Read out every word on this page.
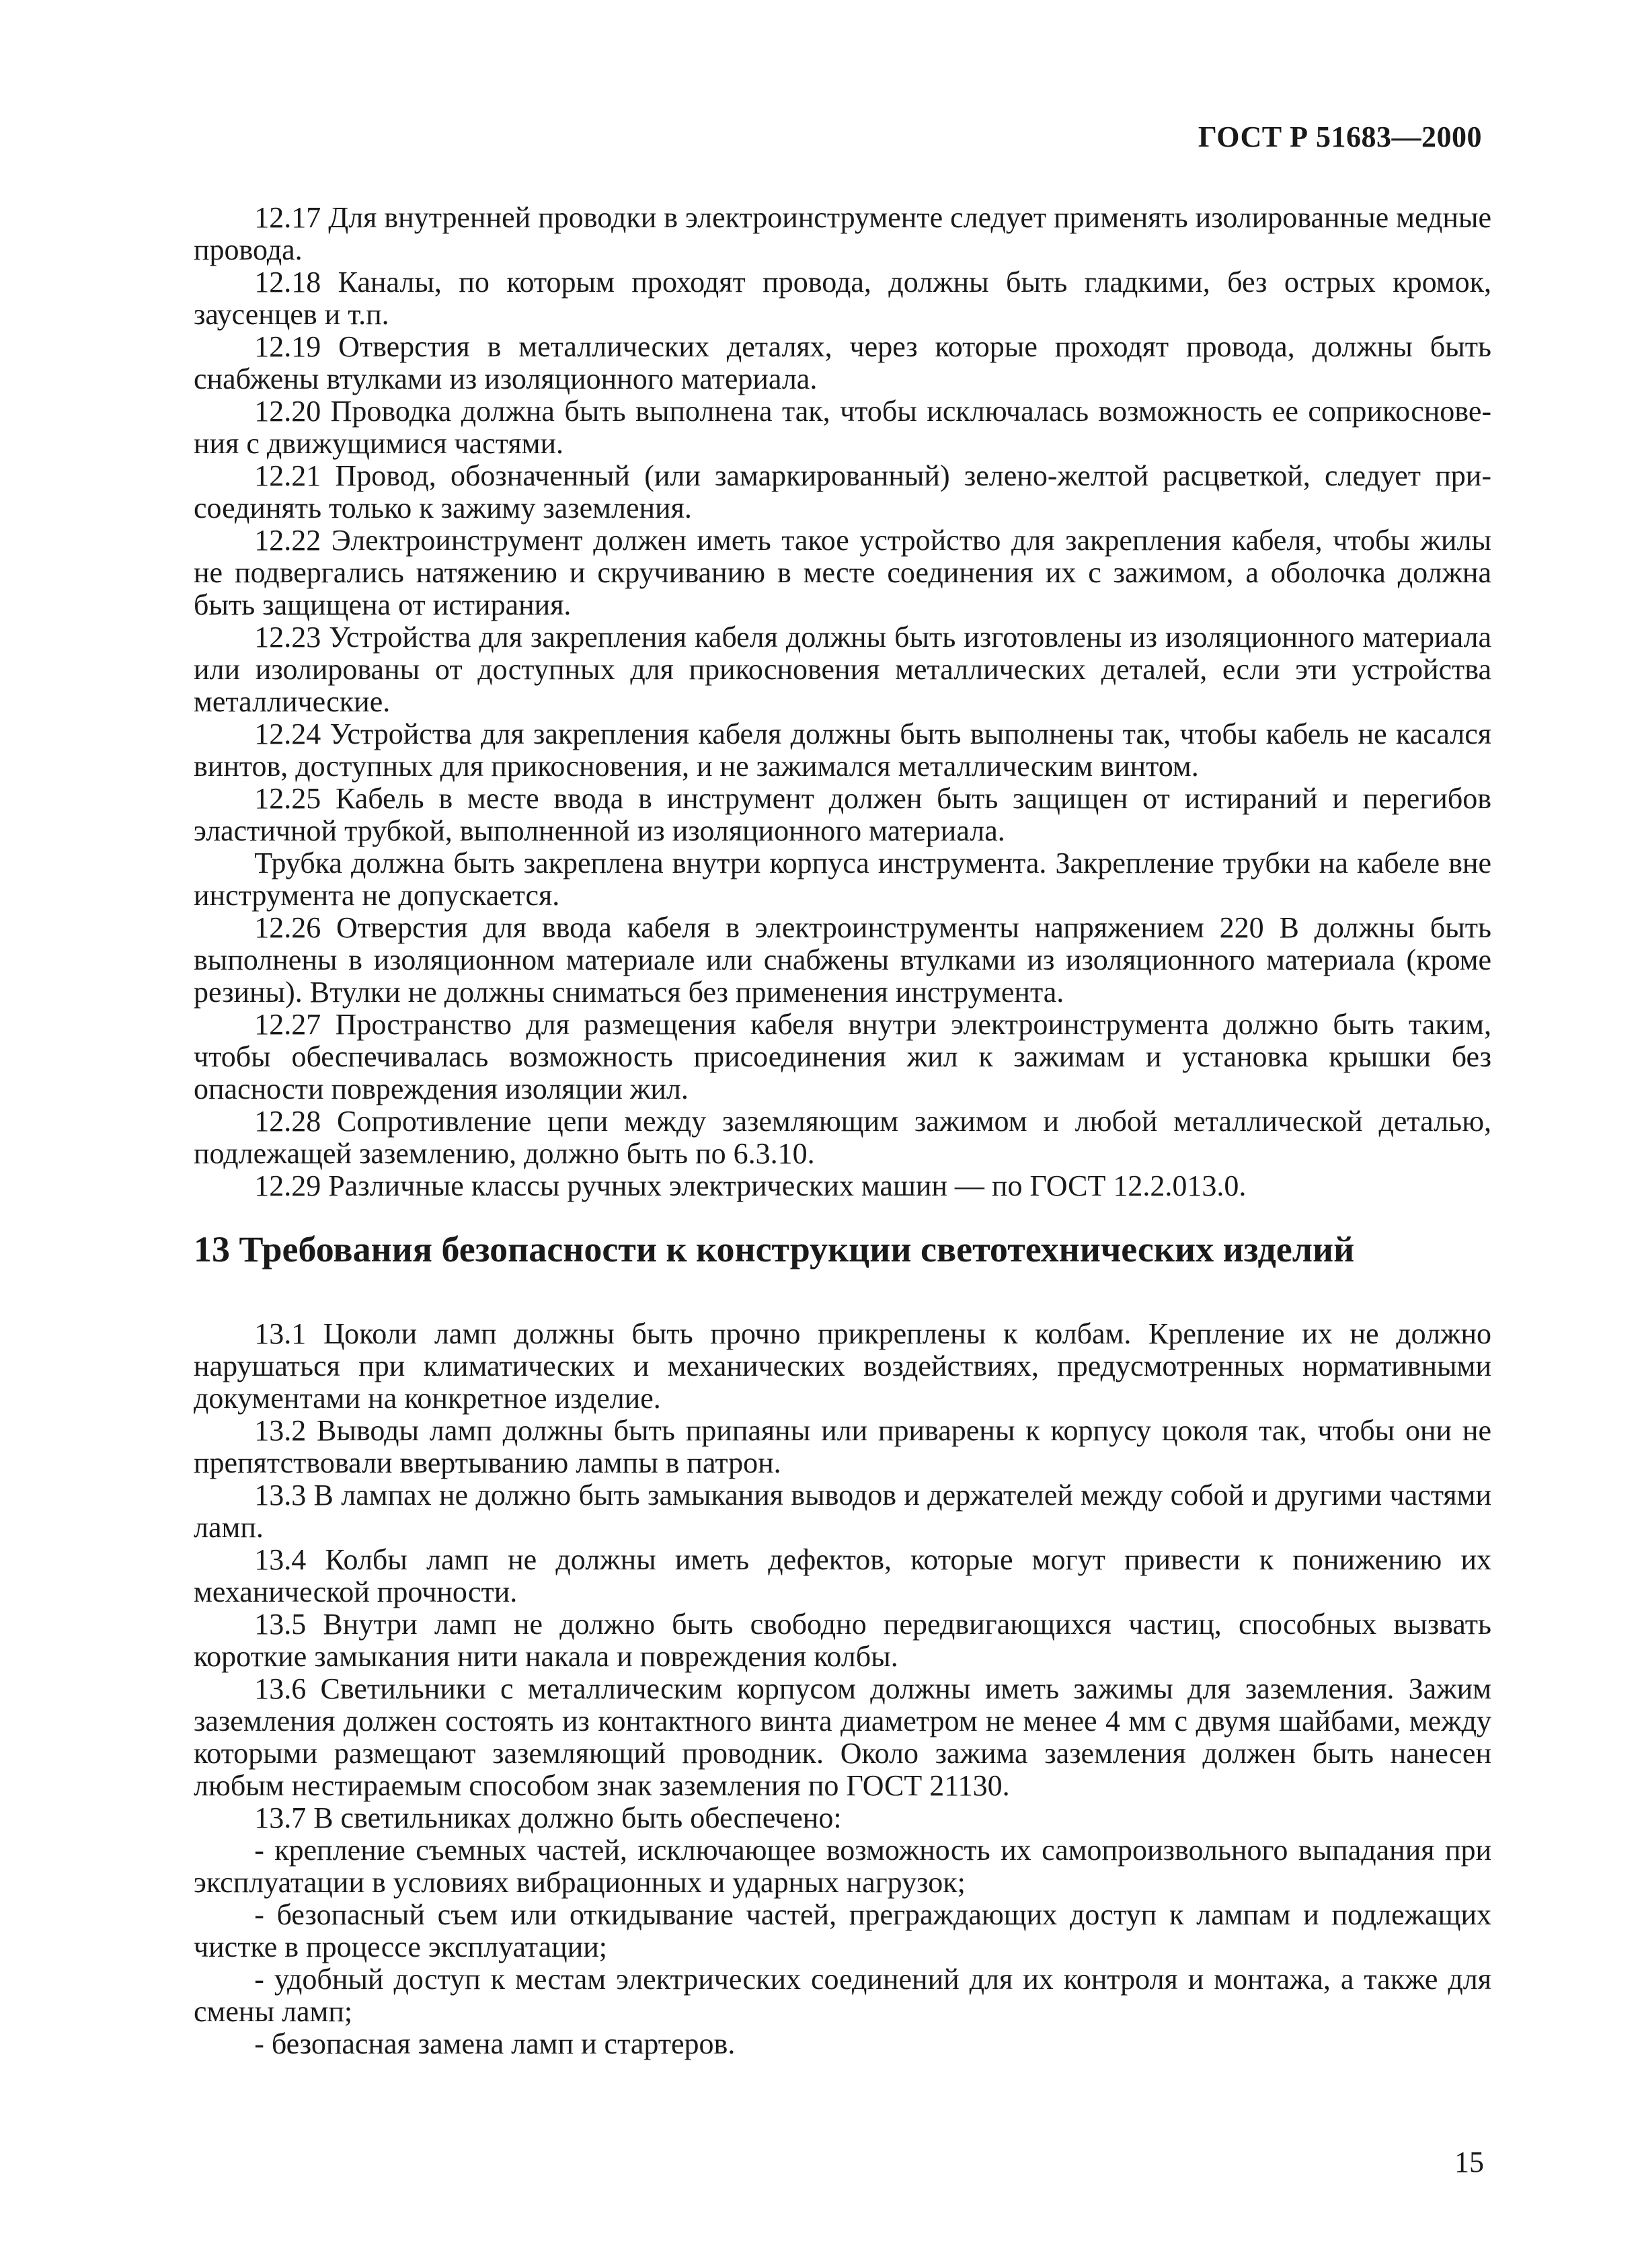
ГОСТ Р 51683—2000

12.17 Для внутренней проводки в электроинструменте следует применять изолированные медные провода.

12.18 Каналы, по которым проходят провода, должны быть гладкими, без острых кромок, заусенцев и т.п.

12.19 Отверстия в металлических деталях, через которые проходят провода, должны быть снабжены втулками из изоляционного материала.

12.20 Проводка должна быть выполнена так, чтобы исключалась возможность ее соприкосновения с движущимися частями.

12.21 Провод, обозначенный (или замаркированный) зелено-желтой расцветкой, следует присоединять только к зажиму заземления.

12.22 Электроинструмент должен иметь такое устройство для закрепления кабеля, чтобы жилы не подвергались натяжению и скручиванию в месте соединения их с зажимом, а оболочка должна быть защищена от истирания.

12.23 Устройства для закрепления кабеля должны быть изготовлены из изоляционного материала или изолированы от доступных для прикосновения металлических деталей, если эти устройства металлические.

12.24 Устройства для закрепления кабеля должны быть выполнены так, чтобы кабель не касался винтов, доступных для прикосновения, и не зажимался металлическим винтом.

12.25 Кабель в месте ввода в инструмент должен быть защищен от истираний и перегибов эластичной трубкой, выполненной из изоляционного материала.

Трубка должна быть закреплена внутри корпуса инструмента. Закрепление трубки на кабеле вне инструмента не допускается.

12.26 Отверстия для ввода кабеля в электроинструменты напряжением 220 В должны быть выполнены в изоляционном материале или снабжены втулками из изоляционного материала (кроме резины). Втулки не должны сниматься без применения инструмента.

12.27 Пространство для размещения кабеля внутри электроинструмента должно быть таким, чтобы обеспечивалась возможность присоединения жил к зажимам и установка крышки без опасности повреждения изоляции жил.

12.28 Сопротивление цепи между заземляющим зажимом и любой металлической деталью, подлежащей заземлению, должно быть по 6.3.10.

12.29 Различные классы ручных электрических машин — по ГОСТ 12.2.013.0.

13 Требования безопасности к конструкции светотехнических изделий

13.1 Цоколи ламп должны быть прочно прикреплены к колбам. Крепление их не должно нарушаться при климатических и механических воздействиях, предусмотренных нормативными документами на конкретное изделие.

13.2 Выводы ламп должны быть припаяны или приварены к корпусу цоколя так, чтобы они не препятствовали ввертыванию лампы в патрон.

13.3 В лампах не должно быть замыкания выводов и держателей между собой и другими частями ламп.

13.4 Колбы ламп не должны иметь дефектов, которые могут привести к понижению их механической прочности.

13.5 Внутри ламп не должно быть свободно передвигающихся частиц, способных вызвать короткие замыкания нити накала и повреждения колбы.

13.6 Светильники с металлическим корпусом должны иметь зажимы для заземления. Зажим заземления должен состоять из контактного винта диаметром не менее 4 мм с двумя шайбами, между которыми размещают заземляющий проводник. Около зажима заземления должен быть нанесен любым нестираемым способом знак заземления по ГОСТ 21130.

13.7 В светильниках должно быть обеспечено:

- крепление съемных частей, исключающее возможность их самопроизвольного выпадания при эксплуатации в условиях вибрационных и ударных нагрузок;

- безопасный съем или откидывание частей, преграждающих доступ к лампам и подлежащих чистке в процессе эксплуатации;

- удобный доступ к местам электрических соединений для их контроля и монтажа, а также для смены ламп;

- безопасная замена ламп и стартеров.

15
